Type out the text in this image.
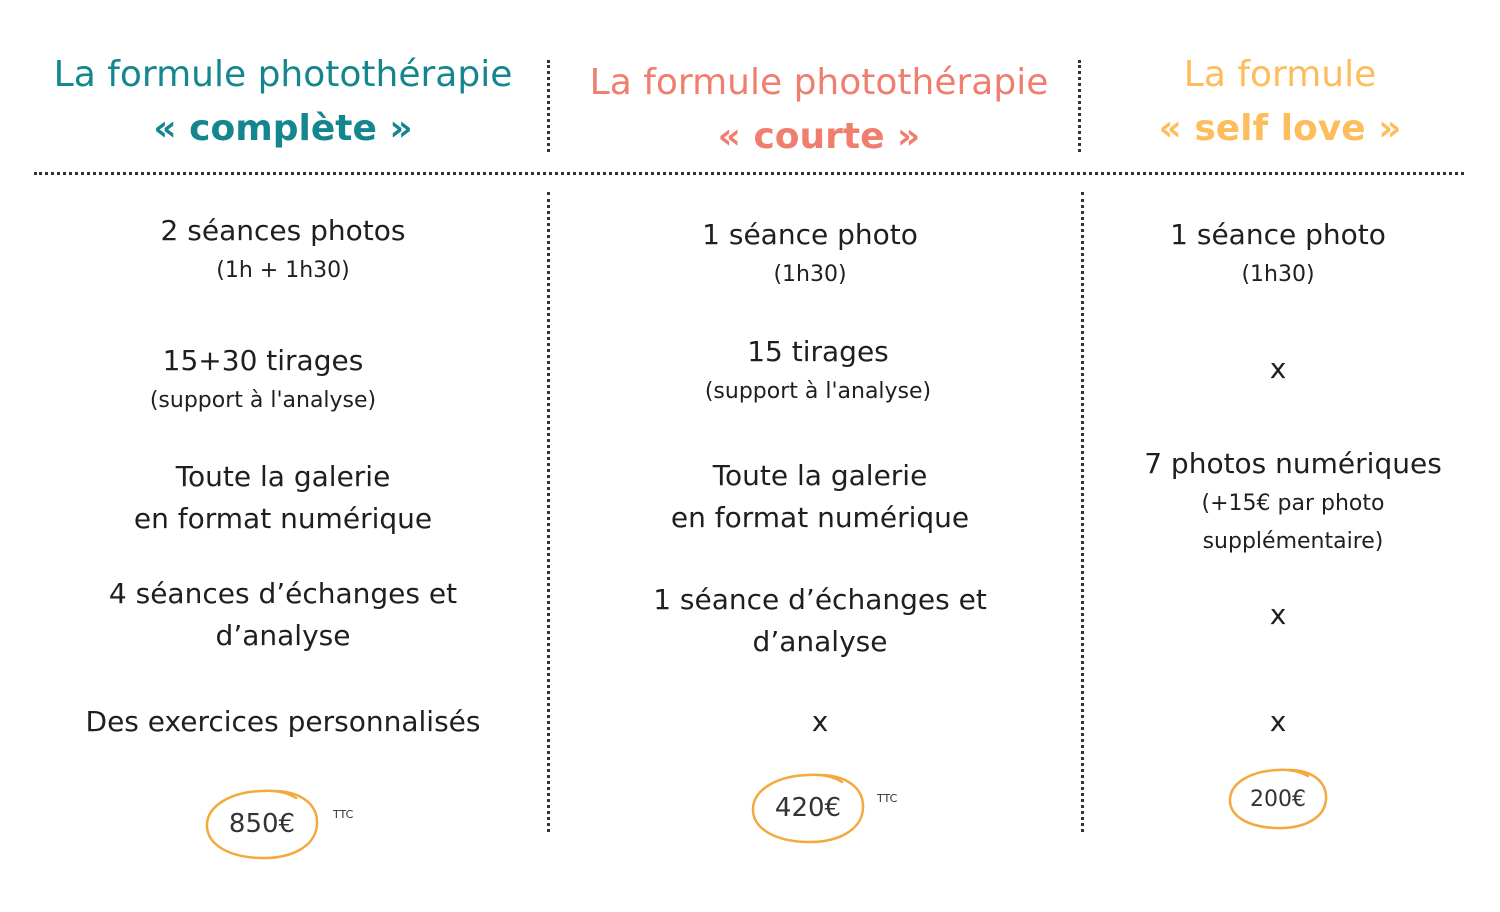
La formule photothérapie
« complète »
La formule photothérapie
« courte »
La formule
« self love »
2 séances photos
(1h + 1h30)
15+30 tirages
(support à l'analyse)
Toute la galerie
en format numérique
4 séances d’échanges et
d’analyse
Des exercices personnalisés
850€	TTC
1 séance photo
(1h30)
15 tirages
(support à l'analyse)
Toute la galerie
en format numérique
1 séance d’échanges et
d’analyse
x
420€	TTC
1 séance photo
(1h30)
x
7 photos numériques
(+15€ par photo
supplémentaire)
x
x
200€
